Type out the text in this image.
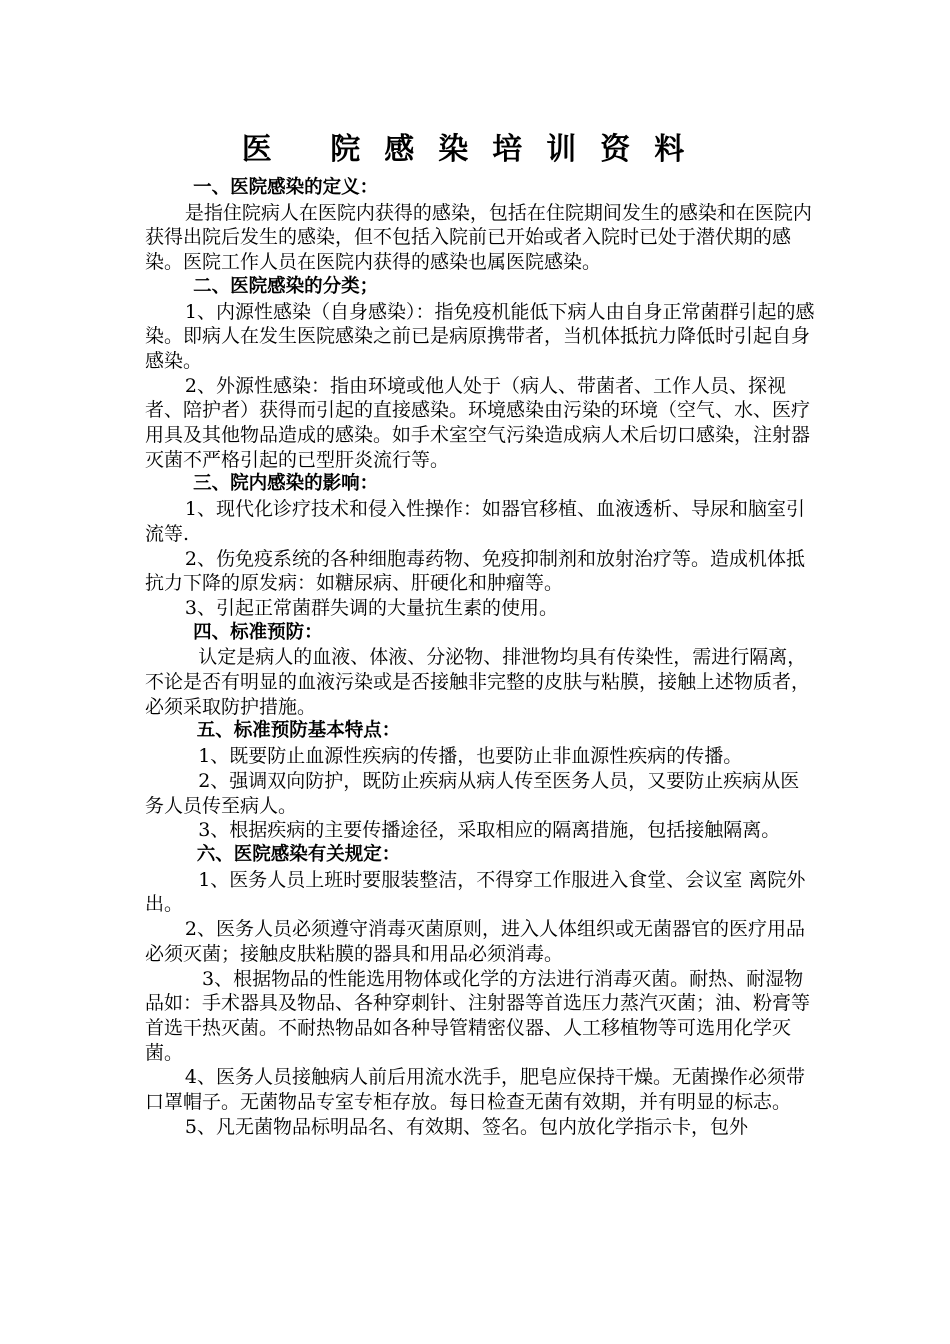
医 院感染培训资料

一、医院感染的定义：

是指住院病人在医院内获得的感染，包括在住院期间发生的感染和在医院内获得出院后发生的感染，但不包括入院前已开始或者入院时已处于潜伏期的感染。医院工作人员在医院内获得的感染也属医院感染。

二、医院感染的分类；

1、内源性感染（自身感染）：指免疫机能低下病人由自身正常菌群引起的感染。即病人在发生医院感染之前已是病原携带者，当机体抵抗力降低时引起自身感染。

2、外源性感染：指由环境或他人处于（病人、带菌者、工作人员、探视者、陪护者）获得而引起的直接感染。环境感染由污染的环境（空气、水、医疗用具及其他物品造成的感染。如手术室空气污染造成病人术后切口感染，注射器灭菌不严格引起的已型肝炎流行等。

三、院内感染的影响：

1、现代化诊疗技术和侵入性操作：如器官移植、血液透析、导尿和脑室引流等.

2、伤免疫系统的各种细胞毒药物、免疫抑制剂和放射治疗等。造成机体抵抗力下降的原发病：如糖尿病、肝硬化和肿瘤等。

3、引起正常菌群失调的大量抗生素的使用。

四、标准预防：

认定是病人的血液、体液、分泌物、排泄物均具有传染性，需进行隔离，不论是否有明显的血液污染或是否接触非完整的皮肤与粘膜，接触上述物质者，必须采取防护措施。

五、标准预防基本特点：

1、既要防止血源性疾病的传播，也要防止非血源性疾病的传播。

2、强调双向防护，既防止疾病从病人传至医务人员，又要防止疾病从医务人员传至病人。

3、根据疾病的主要传播途径，采取相应的隔离措施，包括接触隔离。

六、医院感染有关规定：

1、医务人员上班时要服装整洁，不得穿工作服进入食堂、会议室 离院外出。

2、医务人员必须遵守消毒灭菌原则，进入人体组织或无菌器官的医疗用品必须灭菌；接触皮肤粘膜的器具和用品必须消毒。

3、根据物品的性能选用物体或化学的方法进行消毒灭菌。耐热、耐湿物品如：手术器具及物品、各种穿刺针、注射器等首选压力蒸汽灭菌；油、粉膏等首选干热灭菌。不耐热物品如各种导管精密仪器、人工移植物等可选用化学灭菌。

4、医务人员接触病人前后用流水洗手，肥皂应保持干燥。无菌操作必须带口罩帽子。无菌物品专室专柜存放。每日检查无菌有效期，并有明显的标志。

5、凡无菌物品标明品名、有效期、签名。包内放化学指示卡，包外
